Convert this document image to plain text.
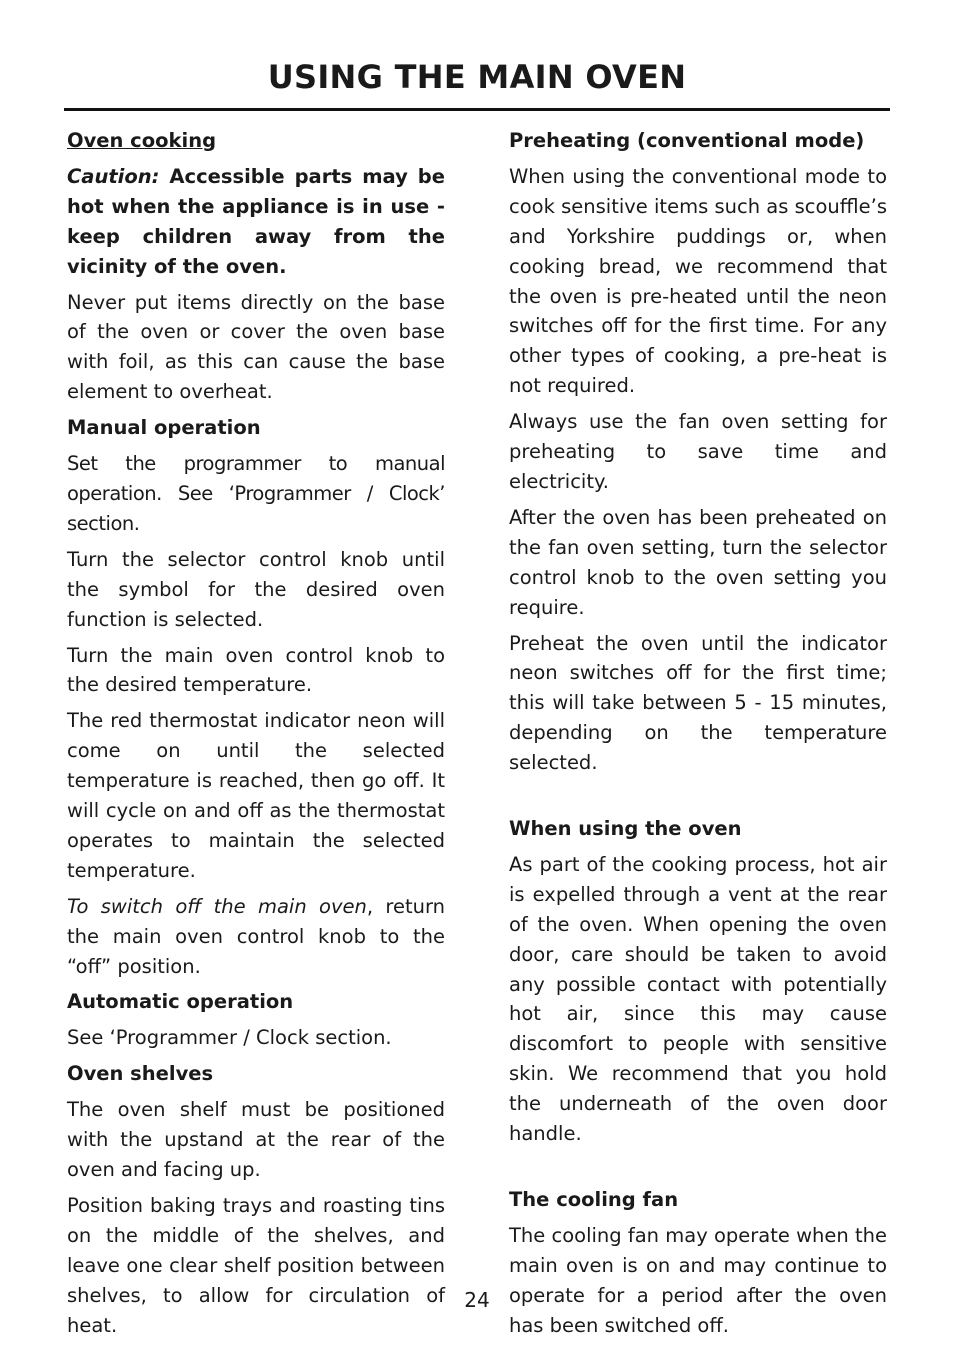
USING THE MAIN OVEN
Oven cooking

Caution: Accessible parts may be hot when the appliance is in use - keep children away from the vicinity of the oven.

Never put items directly on the base of the oven or cover the oven base with foil, as this can cause the base element to overheat.

Manual operation

Set the programmer to manual operation. See ‘Programmer / Clock’ section.

Turn the selector control knob until the symbol for the desired oven function is selected.

Turn the main oven control knob to the desired temperature.

The red thermostat indicator neon will come on until the selected temperature is reached, then go off. It will cycle on and off as the thermostat operates to maintain the selected temperature.

To switch off the main oven, return the main oven control knob to the “off” position.

Automatic operation

See ‘Programmer / Clock section.

Oven shelves

The oven shelf must be positioned with the upstand at the rear of the oven and facing up.

Position baking trays and roasting tins on the middle of the shelves, and leave one clear shelf position between shelves, to allow for circulation of heat.

Preheating (conventional mode)

When using the conventional mode to cook sensitive items such as scouffle’s and Yorkshire puddings or, when cooking bread, we recommend that the oven is pre-heated until the neon switches off for the first time. For any other types of cooking, a pre-heat is not required.

Always use the fan oven setting for preheating to save time and electricity.

After the oven has been preheated on the fan oven setting, turn the selector control knob to the oven setting you require.

Preheat the oven until the indicator neon switches off for the first time; this will take between 5 - 15 minutes, depending on the temperature selected.

When using the oven

As part of the cooking process, hot air is expelled through a vent at the rear of the oven. When opening the oven door, care should be taken to avoid any possible contact with potentially hot air, since this may cause discomfort to people with sensitive skin. We recommend that you hold the underneath of the oven door handle.

The cooling fan

The cooling fan may operate when the main oven is on and may continue to operate for a period after the oven has been switched off.

24
